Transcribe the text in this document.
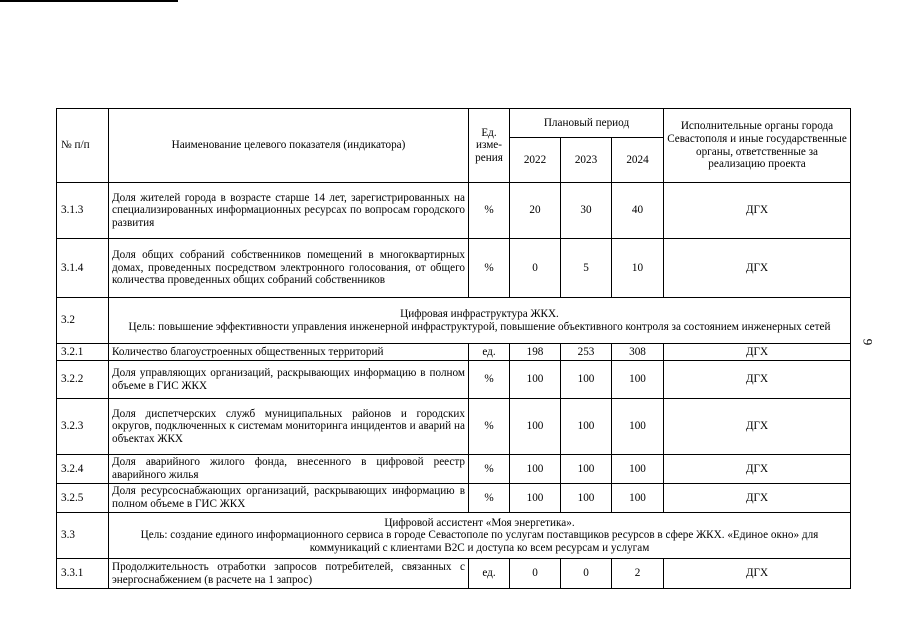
9
№ п/п	Наименование целевого показателя (индикатора)	Ед. изме-рения	Плановый период			Исполнительные органы города Севастополя и иные государственные органы, ответственные за реализацию проекта
			2022	2023	2024	
3.1.3	Доля жителей города в возрасте старше 14 лет, зарегистрированных на специализированных информационных ресурсах по вопросам городского развития	%	20	30	40	ДГХ
3.1.4	Доля общих собраний собственников помещений в многоквартирных домах, проведенных посредством электронного голосования, от общего количества проведенных общих собраний собственников	%	0	5	10	ДГХ
3.2	Цифровая инфраструктура ЖКХ.
Цель: повышение эффективности управления инженерной инфраструктурой, повышение объективного контроля за состоянием инженерных сетей					

3.2.1	Количество благоустроенных общественных территорий	ед.	198	253	308	ДГХ
3.2.2	Доля управляющих организаций, раскрывающих информацию в полном объеме в ГИС ЖКХ	%	100	100	100	ДГХ
3.2.3	Доля диспетчерских служб муниципальных районов и городских округов, подключенных к системам мониторинга инцидентов и аварий на объектах ЖКХ	%	100	100	100	ДГХ
3.2.4	Доля аварийного жилого фонда, внесенного в цифровой реестр аварийного жилья	%	100	100	100	ДГХ
3.2.5	Доля ресурсоснабжающих организаций, раскрывающих информацию в полном объеме в ГИС ЖКХ	%	100	100	100	ДГХ
3.3	Цифровой ассистент «Моя энергетика».
Цель: создание единого информационного сервиса в городе Севастополе по услугам поставщиков ресурсов в сфере ЖКХ. «Единое окно» для коммуникаций с клиентами B2C и доступа ко всем ресурсам и услугам					

3.3.1	Продолжительность отработки запросов потребителей, связанных с энергоснабжением (в расчете на 1 запрос)	ед.	0	0	2	ДГХ
